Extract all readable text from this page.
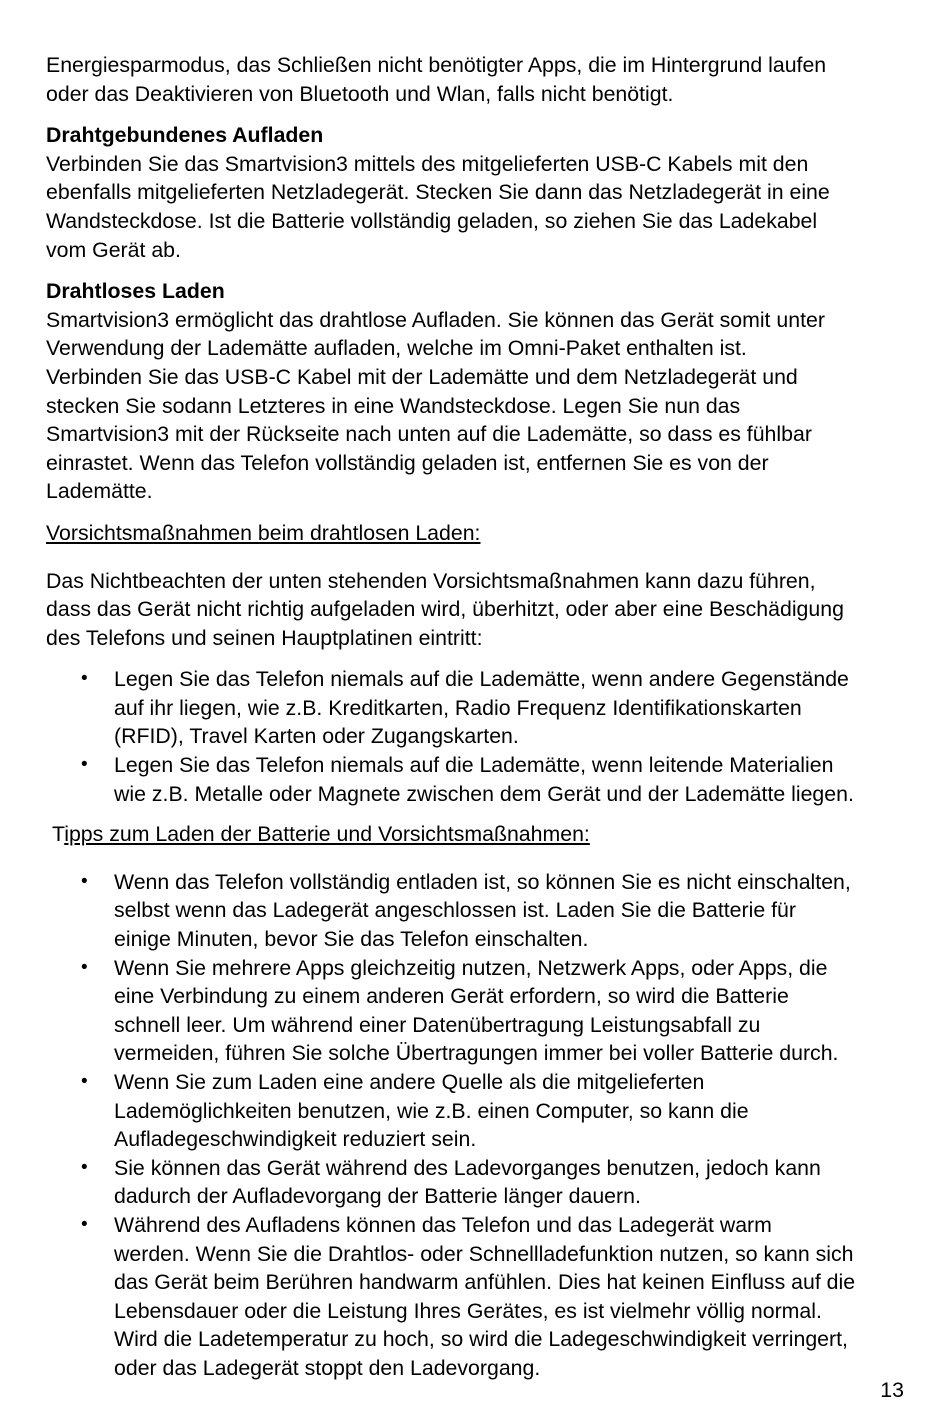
Energiesparmodus, das Schließen nicht benötigter Apps, die im Hintergrund laufen
oder das Deaktivieren von Bluetooth und Wlan, falls nicht benötigt.

Drahtgebundenes Aufladen
Verbinden Sie das Smartvision3 mittels des mitgelieferten USB-C Kabels mit den
ebenfalls mitgelieferten Netzladegerät. Stecken Sie dann das Netzladegerät in eine
Wandsteckdose. Ist die Batterie vollständig geladen, so ziehen Sie das Ladekabel
vom Gerät ab.

Drahtloses Laden
Smartvision3 ermöglicht das drahtlose Aufladen. Sie können das Gerät somit unter
Verwendung der Lademätte aufladen, welche im Omni-Paket enthalten ist.
Verbinden Sie das USB-C Kabel mit der Lademätte und dem Netzladegerät und
stecken Sie sodann Letzteres in eine Wandsteckdose. Legen Sie nun das
Smartvision3 mit der Rückseite nach unten auf die Lademätte, so dass es fühlbar
einrastet. Wenn das Telefon vollständig geladen ist, entfernen Sie es von der
Lademätte.

Vorsichtsmaßnahmen beim drahtlosen Laden:

Das Nichtbeachten der unten stehenden Vorsichtsmaßnahmen kann dazu führen,
dass das Gerät nicht richtig aufgeladen wird, überhitzt, oder aber eine Beschädigung
des Telefons und seinen Hauptplatinen eintritt:

• Legen Sie das Telefon niemals auf die Lademätte, wenn andere Gegenstände
auf ihr liegen, wie z.B. Kreditkarten, Radio Frequenz Identifikationskarten
(RFID), Travel Karten oder Zugangskarten.
• Legen Sie das Telefon niemals auf die Lademätte, wenn leitende Materialien
wie z.B. Metalle oder Magnete zwischen dem Gerät und der Lademätte liegen.

Tipps zum Laden der Batterie und Vorsichtsmaßnahmen:

• Wenn das Telefon vollständig entladen ist, so können Sie es nicht einschalten,
selbst wenn das Ladegerät angeschlossen ist. Laden Sie die Batterie für
einige Minuten, bevor Sie das Telefon einschalten.
• Wenn Sie mehrere Apps gleichzeitig nutzen, Netzwerk Apps, oder Apps, die
eine Verbindung zu einem anderen Gerät erfordern, so wird die Batterie
schnell leer. Um während einer Datenübertragung Leistungsabfall zu
vermeiden, führen Sie solche Übertragungen immer bei voller Batterie durch.
• Wenn Sie zum Laden eine andere Quelle als die mitgelieferten
Lademöglichkeiten benutzen, wie z.B. einen Computer, so kann die
Aufladegeschwindigkeit reduziert sein.
• Sie können das Gerät während des Ladevorganges benutzen, jedoch kann
dadurch der Aufladevorgang der Batterie länger dauern.
• Während des Aufladens können das Telefon und das Ladegerät warm
werden. Wenn Sie die Drahtlos- oder Schnellladefunktion nutzen, so kann sich
das Gerät beim Berühren handwarm anfühlen. Dies hat keinen Einfluss auf die
Lebensdauer oder die Leistung Ihres Gerätes, es ist vielmehr völlig normal.
Wird die Ladetemperatur zu hoch, so wird die Ladegeschwindigkeit verringert,
oder das Ladegerät stoppt den Ladevorgang.
13
